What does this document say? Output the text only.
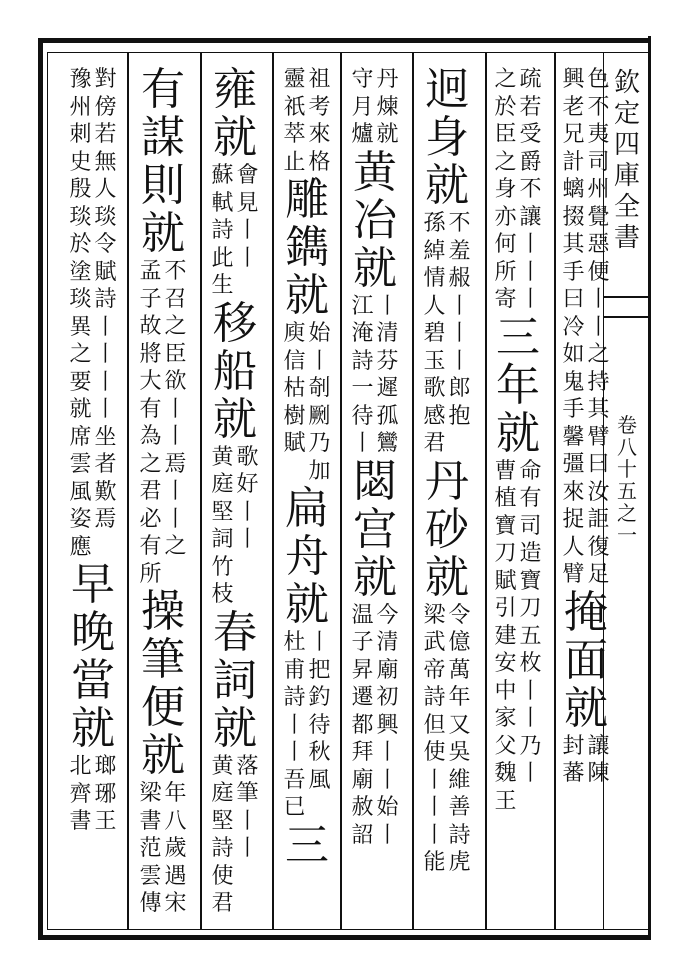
欽定四庫全書
卷八十五之一
興老兄計螭掇其手曰冷如鬼手馨彊來捉人臂
色不夷司州覺惡便丨丨之持其臂曰汝詎復足
掩面就
封蕃
讓陳
之於臣之身亦何所寄
疏若受爵不讓丨丨丨
三年就
曹植寶刀賦引建安中家父魏王
命有司造寶刀五枚丨丨乃丨
迥身就
孫綽情人碧玉歌感君
不羞赧丨丨丨郎抱
丹砂就
梁武帝詩但使丨丨丨能
令億萬年又吳維善詩虎
守月爐
丹煉就
黄冶就
江淹詩一待丨
丨清芬遲孤鸞
閟宫就
温子昇遷都拜廟赦詔
今清廟初興丨丨始丨
靈祇萃止
祖考來格
雕鐫就
庾信枯樹賦
始丨剞劂乃加
扁舟就
杜甫詩丨丨吾已
丨把釣待秋風
三
雍就
蘇軾詩此生
會見丨丨
移船就
黄庭堅詞竹枝
歌好丨丨
春詞就
黄庭堅詩使君
落筆丨丨
有謀則就
孟子故將大有為之君必有所
不召之臣欲丨丨焉丨丨之
操筆便就
梁書范雲傳
年八歲遇宋
豫州刺史殷琰於塗琰異之要就席雲風姿應
對傍若無人琰令賦詩丨丨丨丨坐者歎焉
早晚當就
北齊書
瑯琊王
